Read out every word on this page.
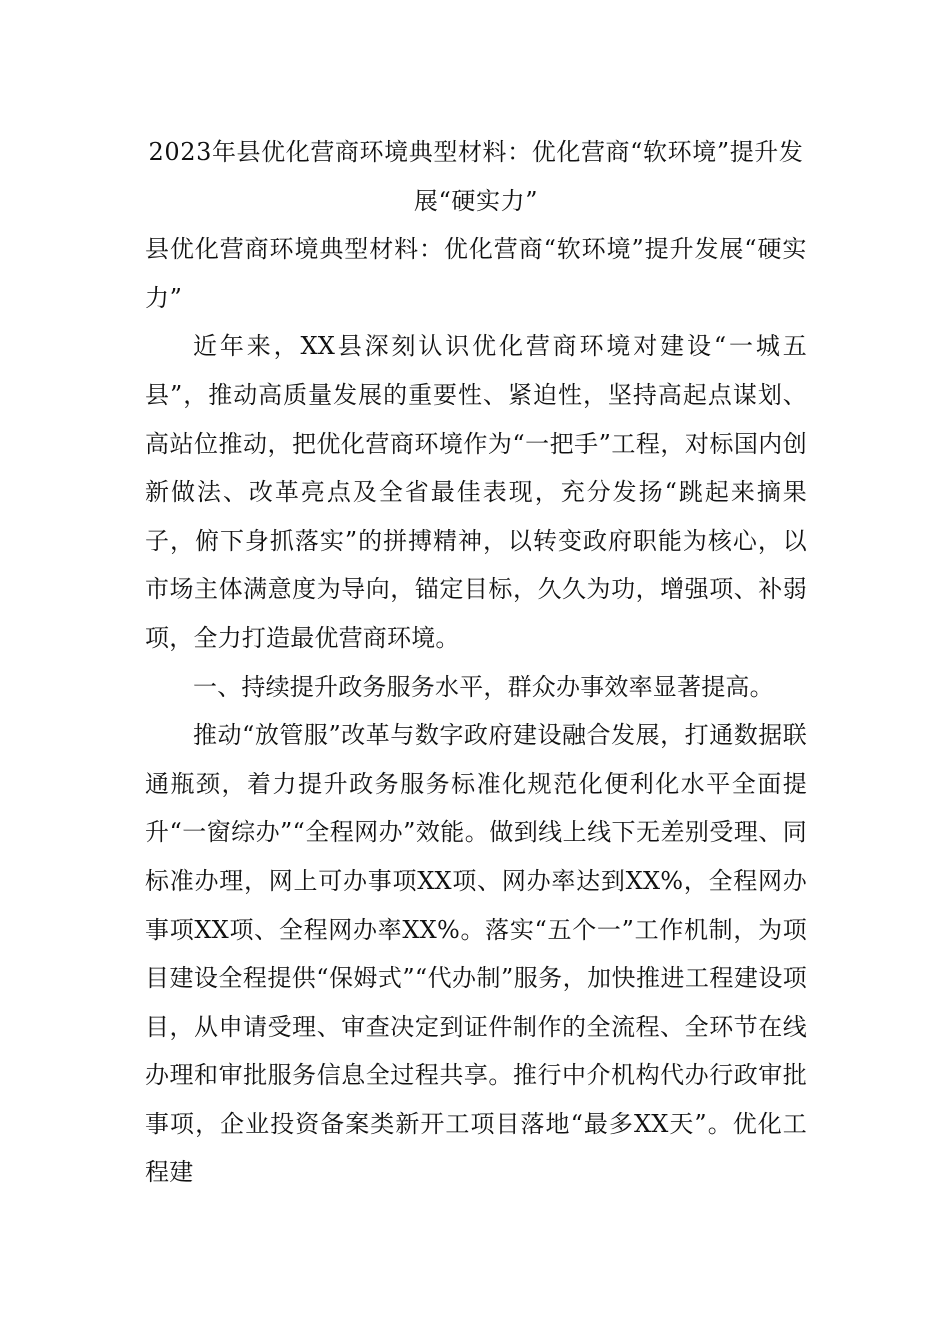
2023年县优化营商环境典型材料：优化营商“软环境”提升发展“硬实力”
县优化营商环境典型材料：优化营商“软环境”提升发展“硬实力”

近年来，XX县深刻认识优化营商环境对建设“一城五县”，推动高质量发展的重要性、紧迫性，坚持高起点谋划、高站位推动，把优化营商环境作为“一把手”工程，对标国内创新做法、改革亮点及全省最佳表现，充分发扬“跳起来摘果子，俯下身抓落实”的拼搏精神，以转变政府职能为核心，以市场主体满意度为导向，锚定目标，久久为功，增强项、补弱项，全力打造最优营商环境。

一、持续提升政务服务水平，群众办事效率显著提高。

推动“放管服”改革与数字政府建设融合发展，打通数据联通瓶颈，着力提升政务服务标准化规范化便利化水平全面提升“一窗综办”“全程网办”效能。做到线上线下无差别受理、同标准办理，网上可办事项XX项、网办率达到XX%，全程网办事项XX项、全程网办率XX%。落实“五个一”工作机制，为项目建设全程提供“保姆式”“代办制”服务，加快推进工程建设项目，从申请受理、审查决定到证件制作的全流程、全环节在线办理和审批服务信息全过程共享。推行中介机构代办行政审批事项，企业投资备案类新开工项目落地“最多XX天”。优化工程建
